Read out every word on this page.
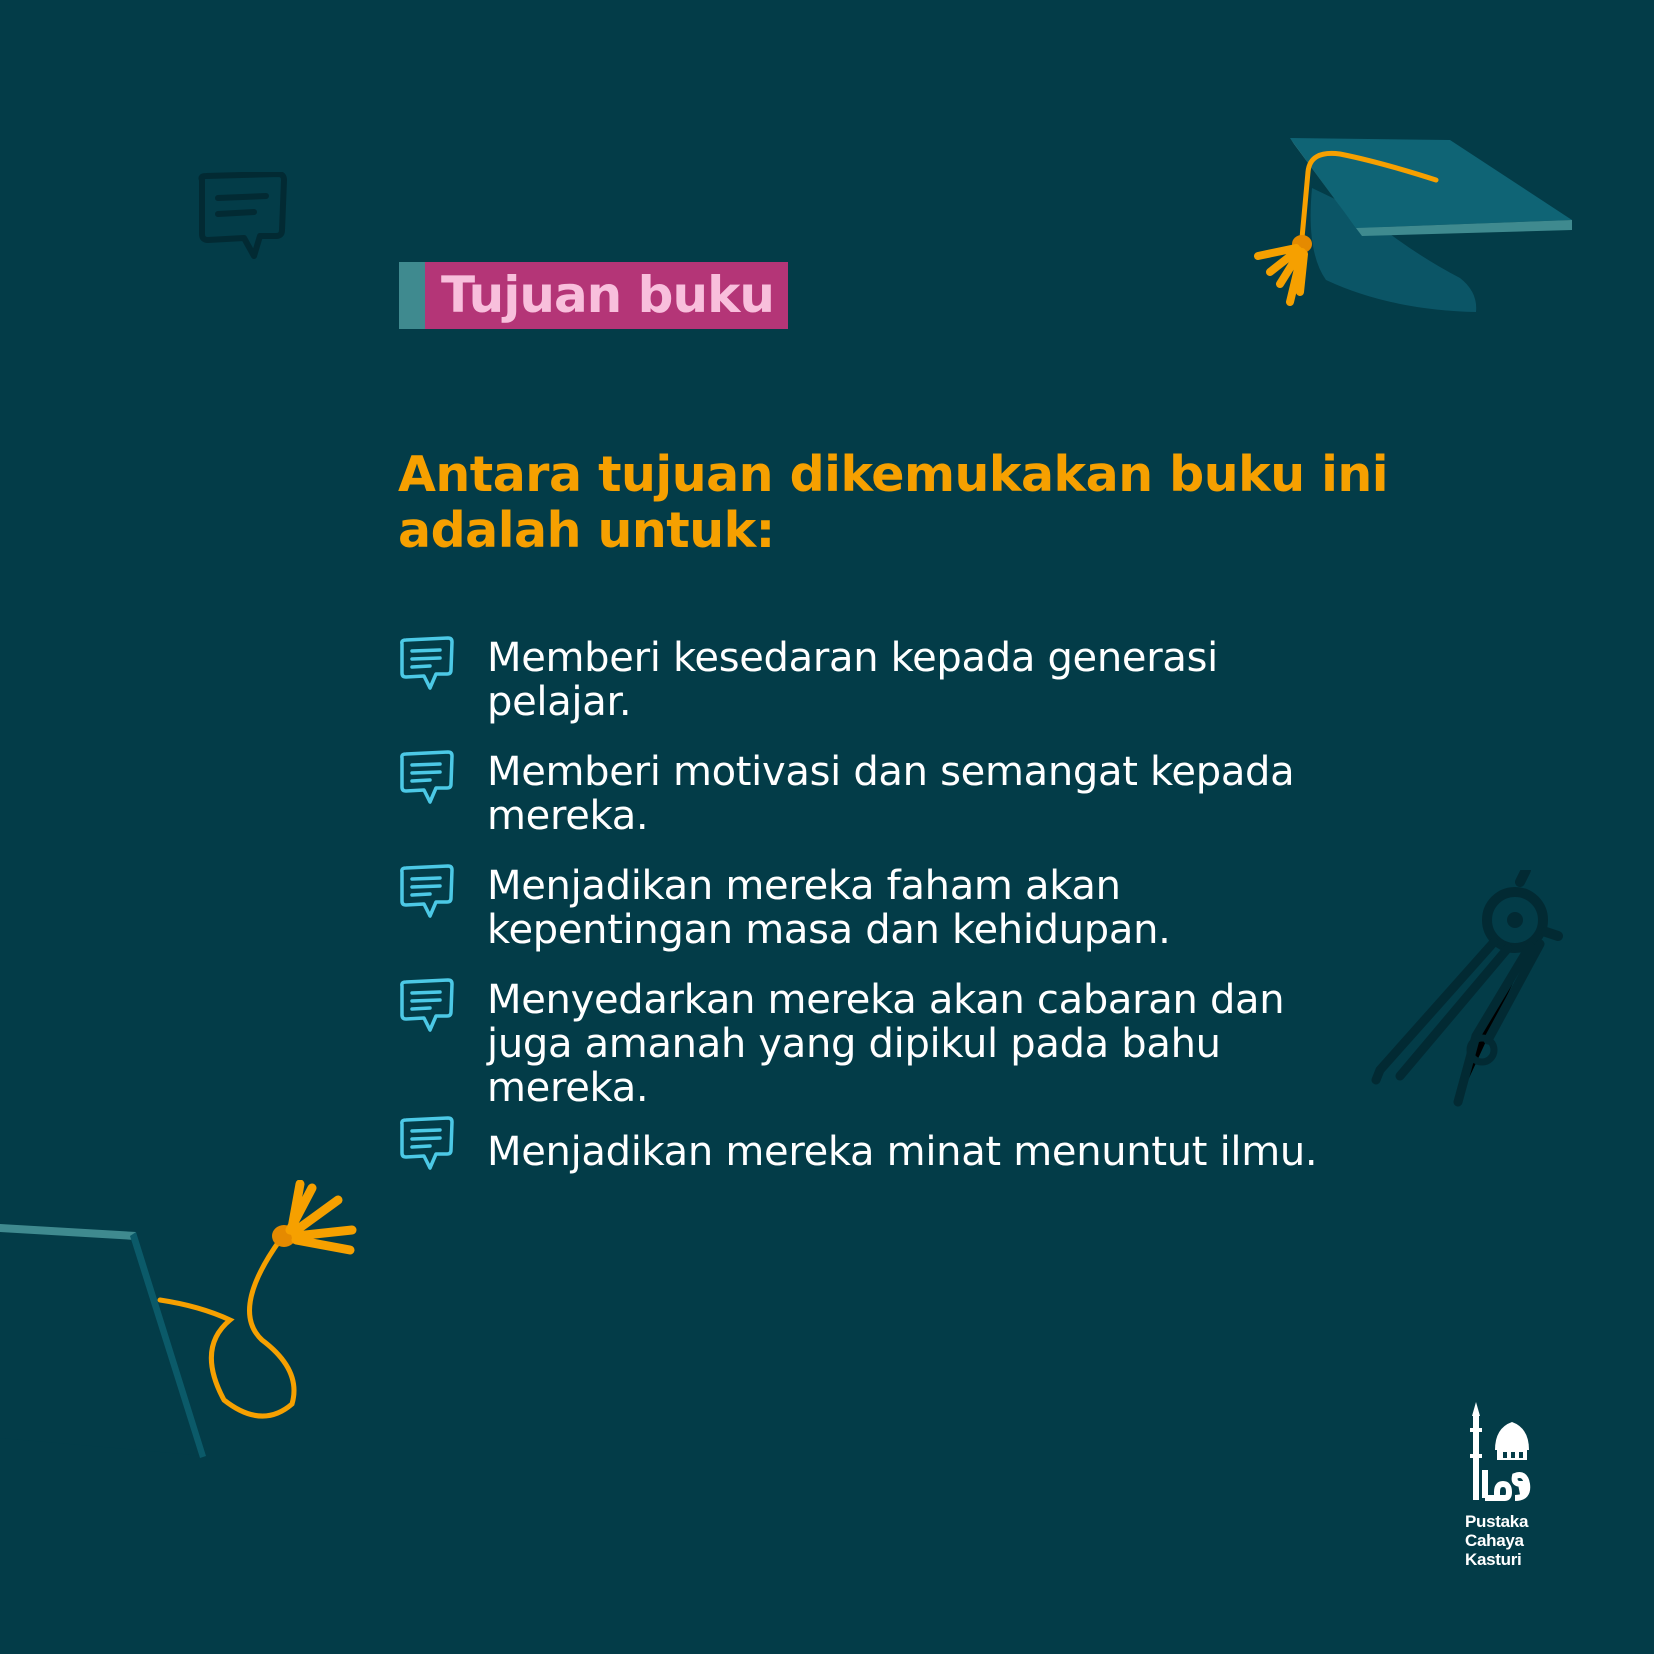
Tujuan buku

Antara tujuan dikemukakan buku ini adalah untuk:

Memberi kesedaran kepada generasi pelajar.
Memberi motivasi dan semangat kepada mereka.
Menjadikan mereka faham akan kepentingan masa dan kehidupan.
Menyedarkan mereka akan cabaran dan juga amanah yang dipikul pada bahu mereka.
Menjadikan mereka minat menuntut ilmu.
Pustaka
Cahaya
Kasturi
